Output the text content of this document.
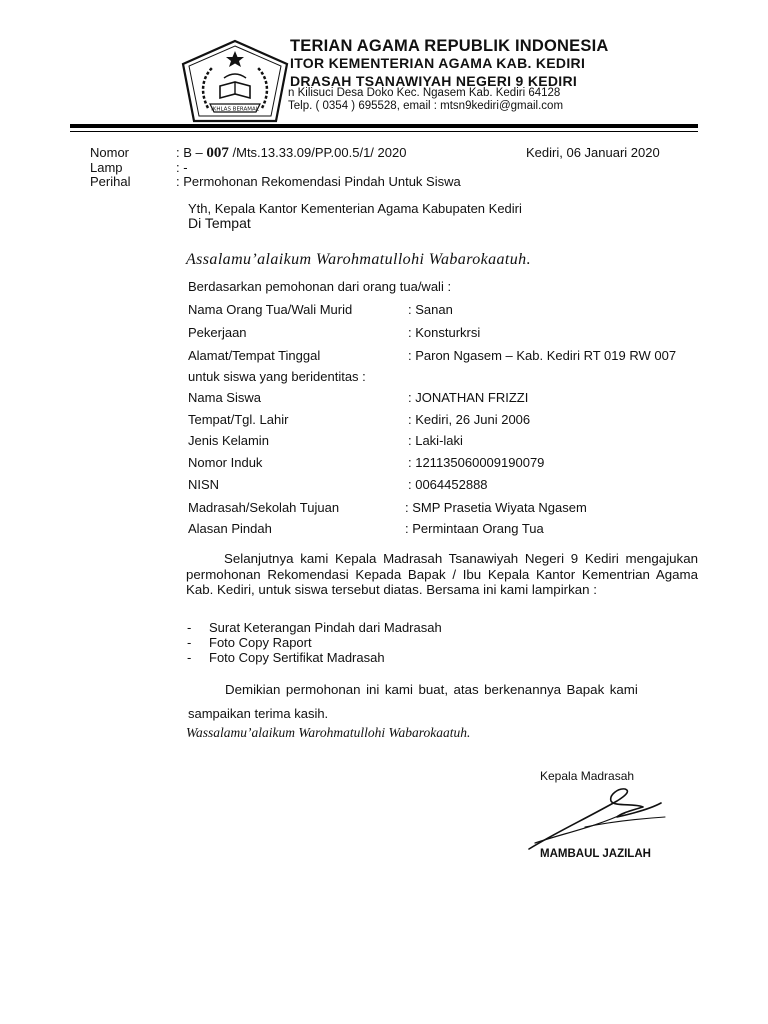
IKHLAS BERAMAL
TERIAN AGAMA REPUBLIK INDONESIA
ITOR KEMENTERIAN AGAMA KAB. KEDIRI
DRASAH TSANAWIYAH NEGERI 9 KEDIRI
n Kilisuci Desa Doko Kec. Ngasem Kab. Kediri 64128
Telp. ( 0354 ) 695528, email : mtsn9kediri@gmail.com
Nomor	: B – 007 /Mts.13.33.09/PP.00.5/1/ 2020	Kediri, 06 Januari 2020
Lamp	: -
Perihal	: Permohonan Rekomendasi Pindah Untuk Siswa
Yth, Kepala Kantor Kementerian Agama Kabupaten Kediri
Di Tempat
Assalamu’alaikum Warohmatullohi Wabarokaatuh.
Berdasarkan pemohonan dari orang tua/wali :
Nama Orang Tua/Wali Murid	: Sanan
Pekerjaan	: Konsturkrsi
Alamat/Tempat Tinggal	: Paron Ngasem – Kab. Kediri RT 019 RW 007
untuk siswa yang beridentitas :
Nama Siswa	: JONATHAN FRIZZI
Tempat/Tgl. Lahir	: Kediri, 26 Juni 2006
Jenis Kelamin	: Laki-laki
Nomor Induk	: 121135060009190079
NISN	: 0064452888
Madrasah/Sekolah Tujuan	: SMP Prasetia Wiyata Ngasem
Alasan Pindah	: Permintaan Orang Tua
Selanjutnya kami Kepala Madrasah Tsanawiyah Negeri 9 Kediri mengajukan permohonan Rekomendasi Kepada Bapak / Ibu Kepala Kantor Kementrian Agama Kab. Kediri, untuk siswa tersebut diatas. Bersama ini kami lampirkan :
- Surat Keterangan Pindah dari Madrasah
- Foto Copy Raport
- Foto Copy Sertifikat Madrasah
Demikian permohonan ini kami buat, atas berkenannya Bapak kami
sampaikan terima kasih.
Wassalamu’alaikum Warohmatullohi Wabarokaatuh.
Kepala Madrasah
MAMBAUL JAZILAH
